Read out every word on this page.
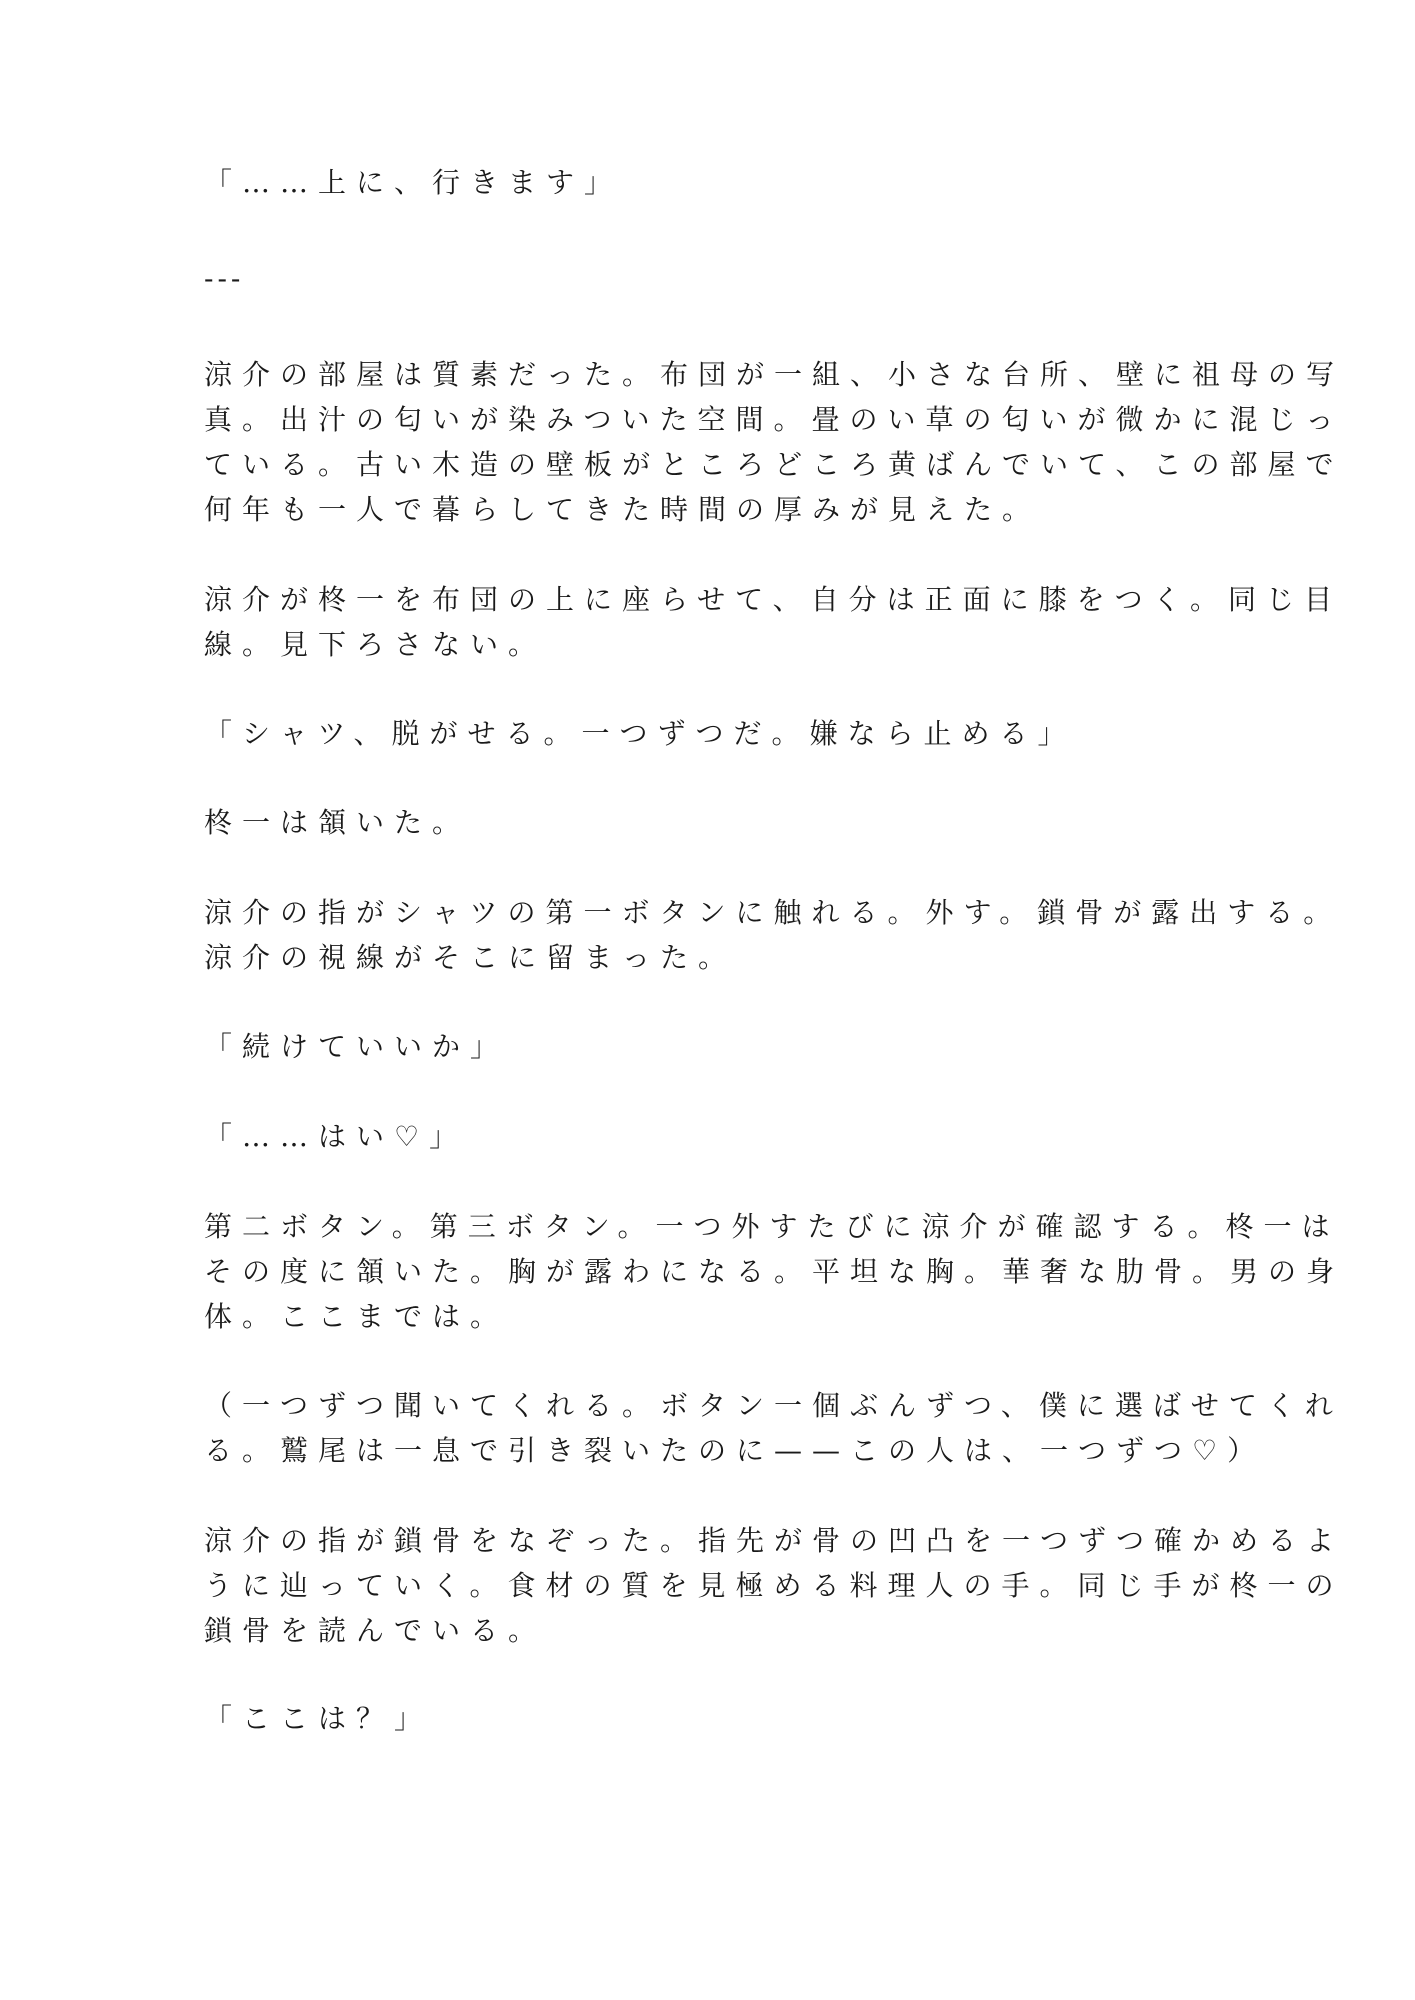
「……上に、行きます」

---

涼介の部屋は質素だった。布団が一組、小さな台所、壁に祖母の写
真。出汁の匂いが染みついた空間。畳のい草の匂いが微かに混じっ
ている。古い木造の壁板がところどころ黄ばんでいて、この部屋で
何年も一人で暮らしてきた時間の厚みが見えた。

涼介が柊一を布団の上に座らせて、自分は正面に膝をつく。同じ目
線。見下ろさない。

「シャツ、脱がせる。一つずつだ。嫌なら止める」

柊一は頷いた。

涼介の指がシャツの第一ボタンに触れる。外す。鎖骨が露出する。
涼介の視線がそこに留まった。

「続けていいか」

「……はい♡」

第二ボタン。第三ボタン。一つ外すたびに涼介が確認する。柊一は
その度に頷いた。胸が露わになる。平坦な胸。華奢な肋骨。男の身
体。ここまでは。

（一つずつ聞いてくれる。ボタン一個ぶんずつ、僕に選ばせてくれ
る。鷲尾は一息で引き裂いたのに——この人は、一つずつ♡）

涼介の指が鎖骨をなぞった。指先が骨の凹凸を一つずつ確かめるよ
うに辿っていく。食材の質を見極める料理人の手。同じ手が柊一の
鎖骨を読んでいる。

「ここは？」
